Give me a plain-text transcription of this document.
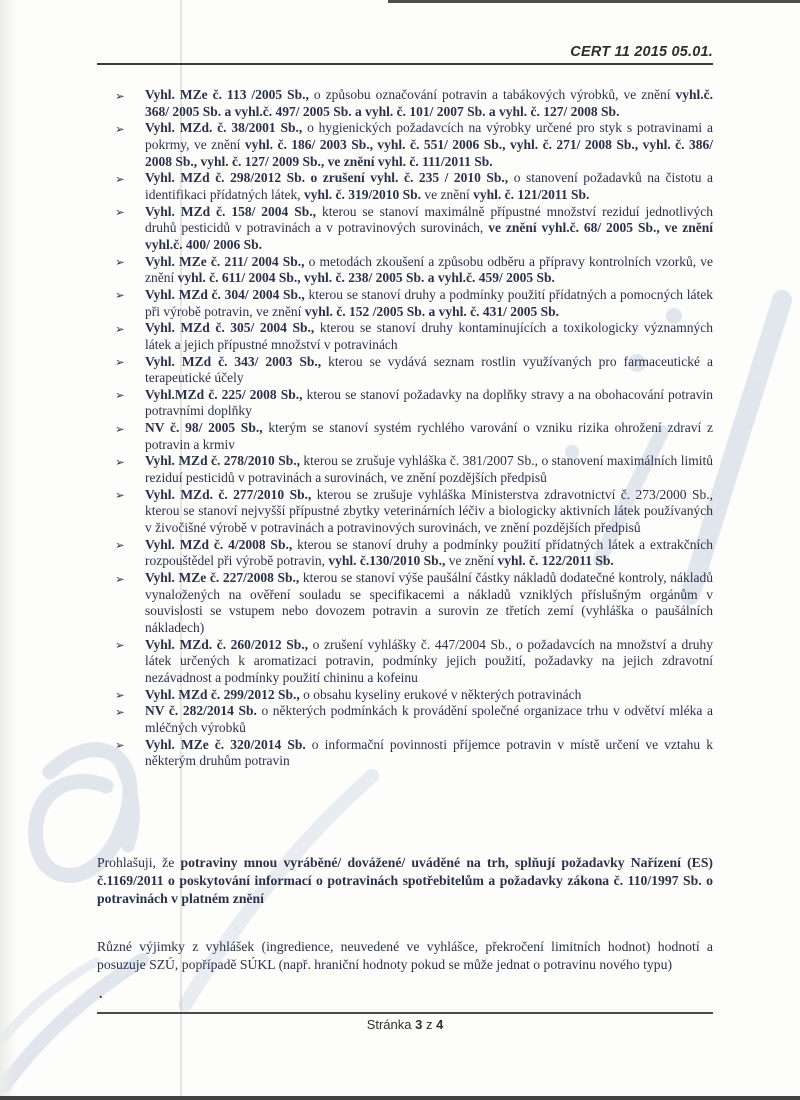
CERT 11 2015 05.01.
➢ Vyhl. MZe č. 113 /2005 Sb., o způsobu označování potravin a tabákových výrobků, ve znění vyhl.č. 368/ 2005 Sb. a vyhl.č. 497/ 2005 Sb. a vyhl. č. 101/ 2007 Sb. a vyhl. č. 127/ 2008 Sb.
➢ Vyhl. MZd. č. 38/2001 Sb., o hygienických požadavcích na výrobky určené pro styk s potravinami a pokrmy, ve znění vyhl. č. 186/ 2003 Sb., vyhl. č. 551/ 2006 Sb., vyhl. č. 271/ 2008 Sb., vyhl. č. 386/ 2008 Sb., vyhl. č. 127/ 2009 Sb., ve znění vyhl. č. 111/2011 Sb.
➢ Vyhl. MZd č. 298/2012 Sb. o zrušení vyhl. č. 235 / 2010 Sb., o stanovení požadavků na čistotu a identifikaci přídatných látek, vyhl. č. 319/2010 Sb. ve znění vyhl. č. 121/2011 Sb.
➢ Vyhl. MZd č. 158/ 2004 Sb., kterou se stanoví maximálně přípustné množství reziduí jednotlivých druhů pesticidů v potravinách a v potravinových surovinách, ve znění vyhl.č. 68/ 2005 Sb., ve znění vyhl.č. 400/ 2006 Sb.
➢ Vyhl. MZe č. 211/ 2004 Sb., o metodách zkoušení a způsobu odběru a přípravy kontrolních vzorků, ve znění vyhl. č. 611/ 2004 Sb., vyhl. č. 238/ 2005 Sb. a vyhl.č. 459/ 2005 Sb.
➢ Vyhl. MZd č. 304/ 2004 Sb., kterou se stanoví druhy a podmínky použití přídatných a pomocných látek při výrobě potravin, ve znění vyhl. č. 152 /2005 Sb. a vyhl. č. 431/ 2005 Sb.
➢ Vyhl. MZd č. 305/ 2004 Sb., kterou se stanoví druhy kontaminujících a toxikologicky významných látek a jejich přípustné množství v potravinách
➢ Vyhl. MZd č. 343/ 2003 Sb., kterou se vydává seznam rostlin využívaných pro farmaceutické a terapeutické účely
➢ Vyhl.MZd č. 225/ 2008 Sb., kterou se stanoví požadavky na doplňky stravy a na obohacování potravin potravními doplňky
➢ NV č. 98/ 2005 Sb., kterým se stanoví systém rychlého varování o vzniku rizika ohrožení zdraví z potravin a krmiv
➢ Vyhl. MZd č. 278/2010 Sb., kterou se zrušuje vyhláška č. 381/2007 Sb., o stanovení maximálních limitů reziduí pesticidů v potravinách a surovinách, ve znění pozdějších předpisů
➢ Vyhl. MZd. č. 277/2010 Sb., kterou se zrušuje vyhláška Ministerstva zdravotnictví č. 273/2000 Sb., kterou se stanoví nejvyšší přípustné zbytky veterinárních léčiv a biologicky aktivních látek používaných v živočišné výrobě v potravinách a potravinových surovinách, ve znění pozdějších předpisů
➢ Vyhl. MZd č. 4/2008 Sb., kterou se stanoví druhy a podmínky použití přídatných látek a extrakčních rozpouštědel při výrobě potravin, vyhl. č.130/2010 Sb., ve znění vyhl. č. 122/2011 Sb.
➢ Vyhl. MZe č. 227/2008 Sb., kterou se stanoví výše paušální částky nákladů dodatečné kontroly, nákladů vynaložených na ověření souladu se specifikacemi a nákladů vzniklých příslušným orgánům v souvislosti se vstupem nebo dovozem potravin a surovin ze třetích zemí (vyhláška o paušálních nákladech)
➢ Vyhl. MZd. č. 260/2012 Sb., o zrušení vyhlášky č. 447/2004 Sb., o požadavcích na množství a druhy látek určených k aromatizaci potravin, podmínky jejich použití, požadavky na jejich zdravotní nezávadnost a podmínky použití chininu a kofeinu
➢ Vyhl. MZd č. 299/2012 Sb., o obsahu kyseliny erukové v některých potravinách
➢ NV č. 282/2014 Sb. o některých podmínkách k provádění společné organizace trhu v odvětví mléka a mléčných výrobků
➢ Vyhl. MZe č. 320/2014 Sb. o informační povinnosti příjemce potravin v místě určení ve vztahu k některým druhům potravin
Prohlašuji, že potraviny mnou vyráběné/ dovážené/ uváděné na trh, splňují požadavky Nařízení (ES) č.1169/2011 o poskytování informací o potravinách spotřebitelům a požadavky zákona č. 110/1997 Sb. o potravinách v platném znění
Různé výjimky z vyhlášek (ingredience, neuvedené ve vyhlášce, překročení limitních hodnot) hodnotí a posuzuje SZÚ, popřípadě SÚKL (např. hraniční hodnoty pokud se může jednat o potravinu nového typu)
.
Stránka 3 z 4
